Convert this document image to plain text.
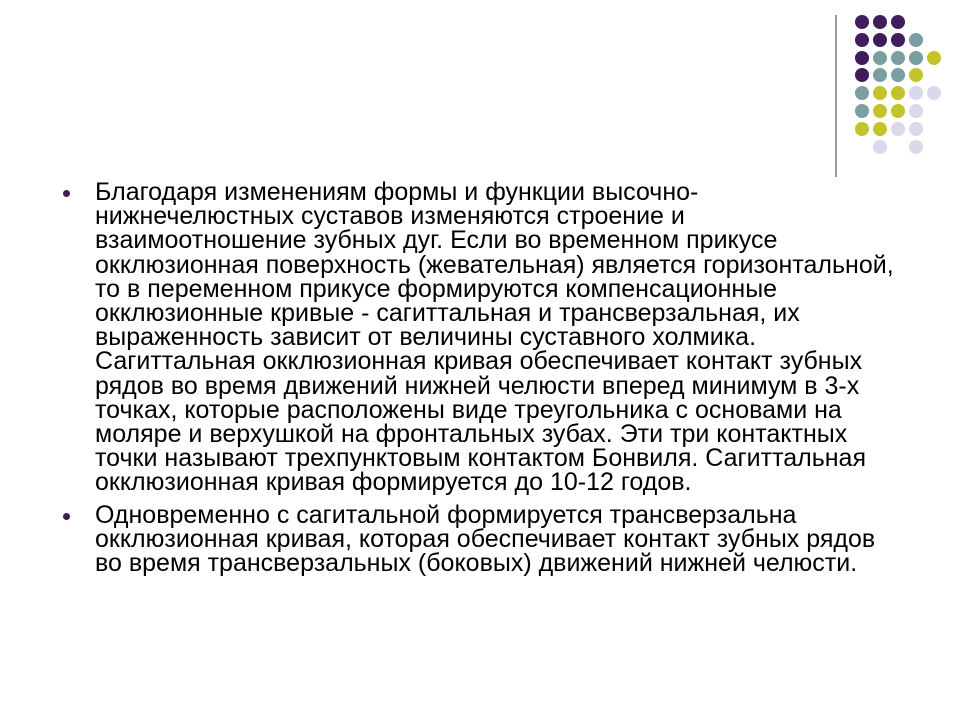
Благодаря изменениям формы и функции высочно-
нижнечелюстных суставов изменяются строение и
взаимоотношение зубных дуг. Если во временном прикусе
окклюзионная поверхность (жевательная) является горизонтальной,
то в переменном прикусе формируются компенсационные
окклюзионные кривые - сагиттальная и трансверзальная, их
выраженность зависит от величины суставного холмика.
Сагиттальная окклюзионная кривая обеспечивает контакт зубных
рядов во время движений нижней челюсти вперед минимум в 3-х
точках, которые расположены виде треугольника с основами на
моляре и верхушкой на фронтальных зубах. Эти три контактных
точки называют трехпунктовым контактом Бонвиля. Сагиттальная
окклюзионная кривая формируется до 10-12 годов.
Одновременно с сагитальной формируется трансверзальна
окклюзионная кривая, которая обеспечивает контакт зубных рядов
во время трансверзальных (боковых) движений нижней челюсти.
